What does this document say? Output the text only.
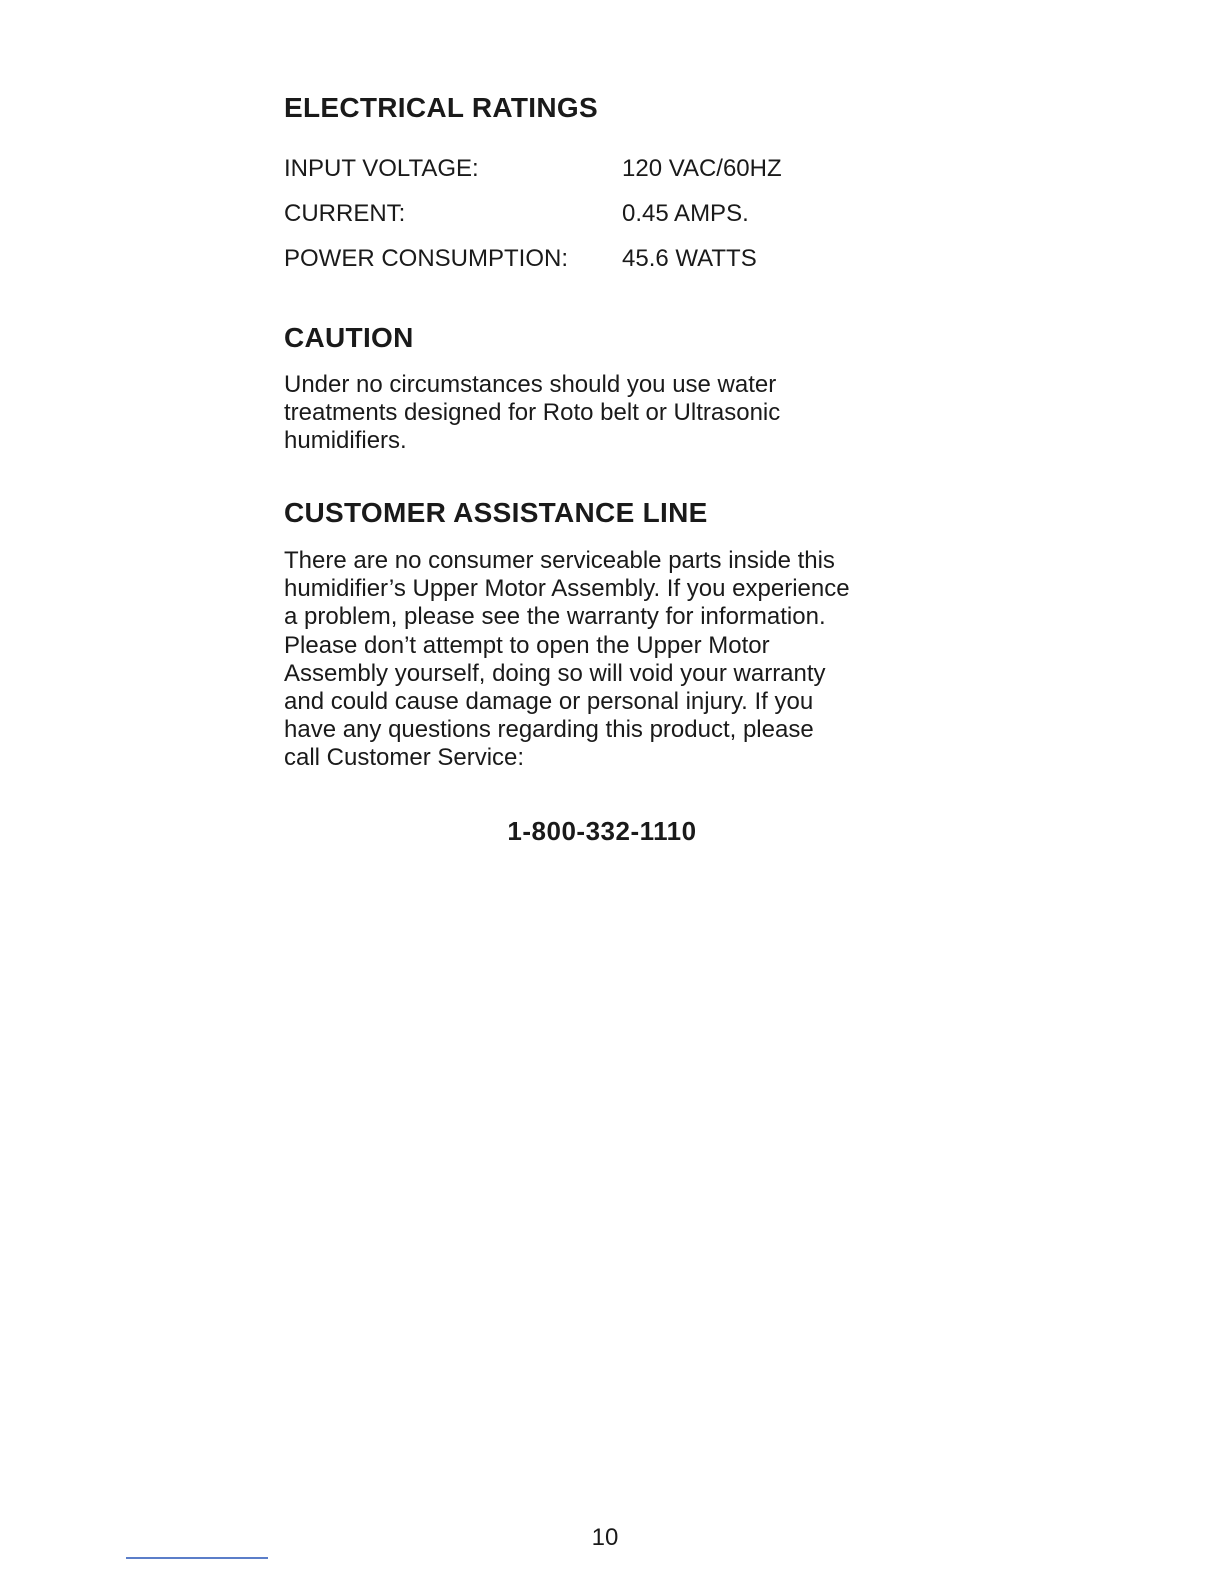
ELECTRICAL RATINGS
INPUT VOLTAGE:	120 VAC/60HZ
CURRENT:	0.45 AMPS.
POWER CONSUMPTION:	45.6 WATTS
CAUTION

Under no circumstances should you use water
treatments designed for Roto belt or Ultrasonic
humidifiers.

CUSTOMER ASSISTANCE LINE

There are no consumer serviceable parts inside this
humidifier’s Upper Motor Assembly. If you experience
a problem, please see the warranty for information.
Please don’t attempt to open the Upper Motor
Assembly yourself, doing so will void your warranty
and could cause damage or personal injury. If you
have any questions regarding this product, please
call Customer Service:

1-800-332-1110
10
